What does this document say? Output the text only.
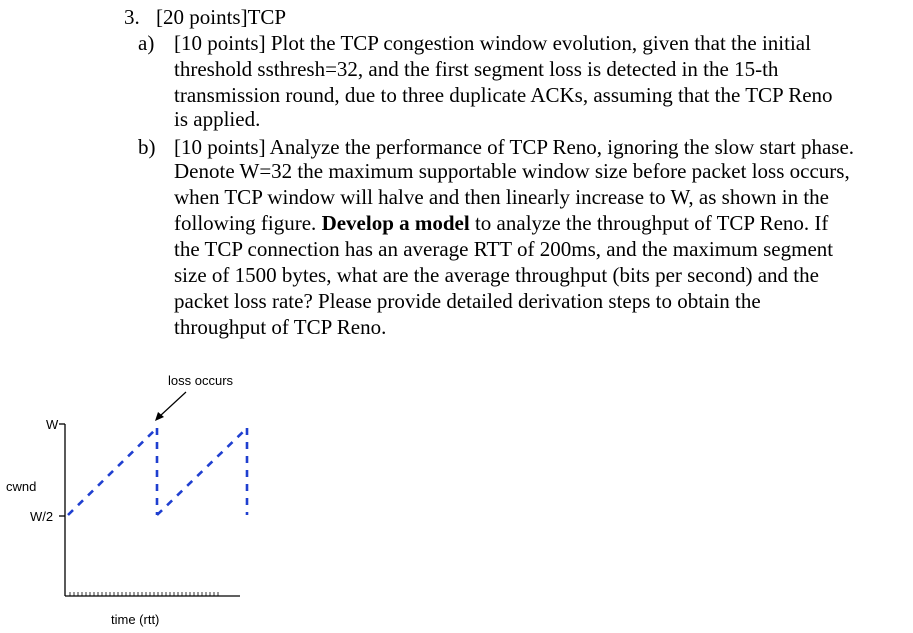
3. [20 points]TCP
a) [10 points] Plot the TCP congestion window evolution, given that the initial
threshold ssthresh=32, and the first segment loss is detected in the 15-th
transmission round, due to three duplicate ACKs, assuming that the TCP Reno
is applied.
b) [10 points] Analyze the performance of TCP Reno, ignoring the slow start phase.
Denote W=32 the maximum supportable window size before packet loss occurs,
when TCP window will halve and then linearly increase to W, as shown in the
following figure. Develop a model to analyze the throughput of TCP Reno. If
the TCP connection has an average RTT of 200ms, and the maximum segment
size of 1500 bytes, what are the average throughput (bits per second) and the
packet loss rate? Please provide detailed derivation steps to obtain the
throughput of TCP Reno.
loss occurs
W
cwnd
W/2
time (rtt)
